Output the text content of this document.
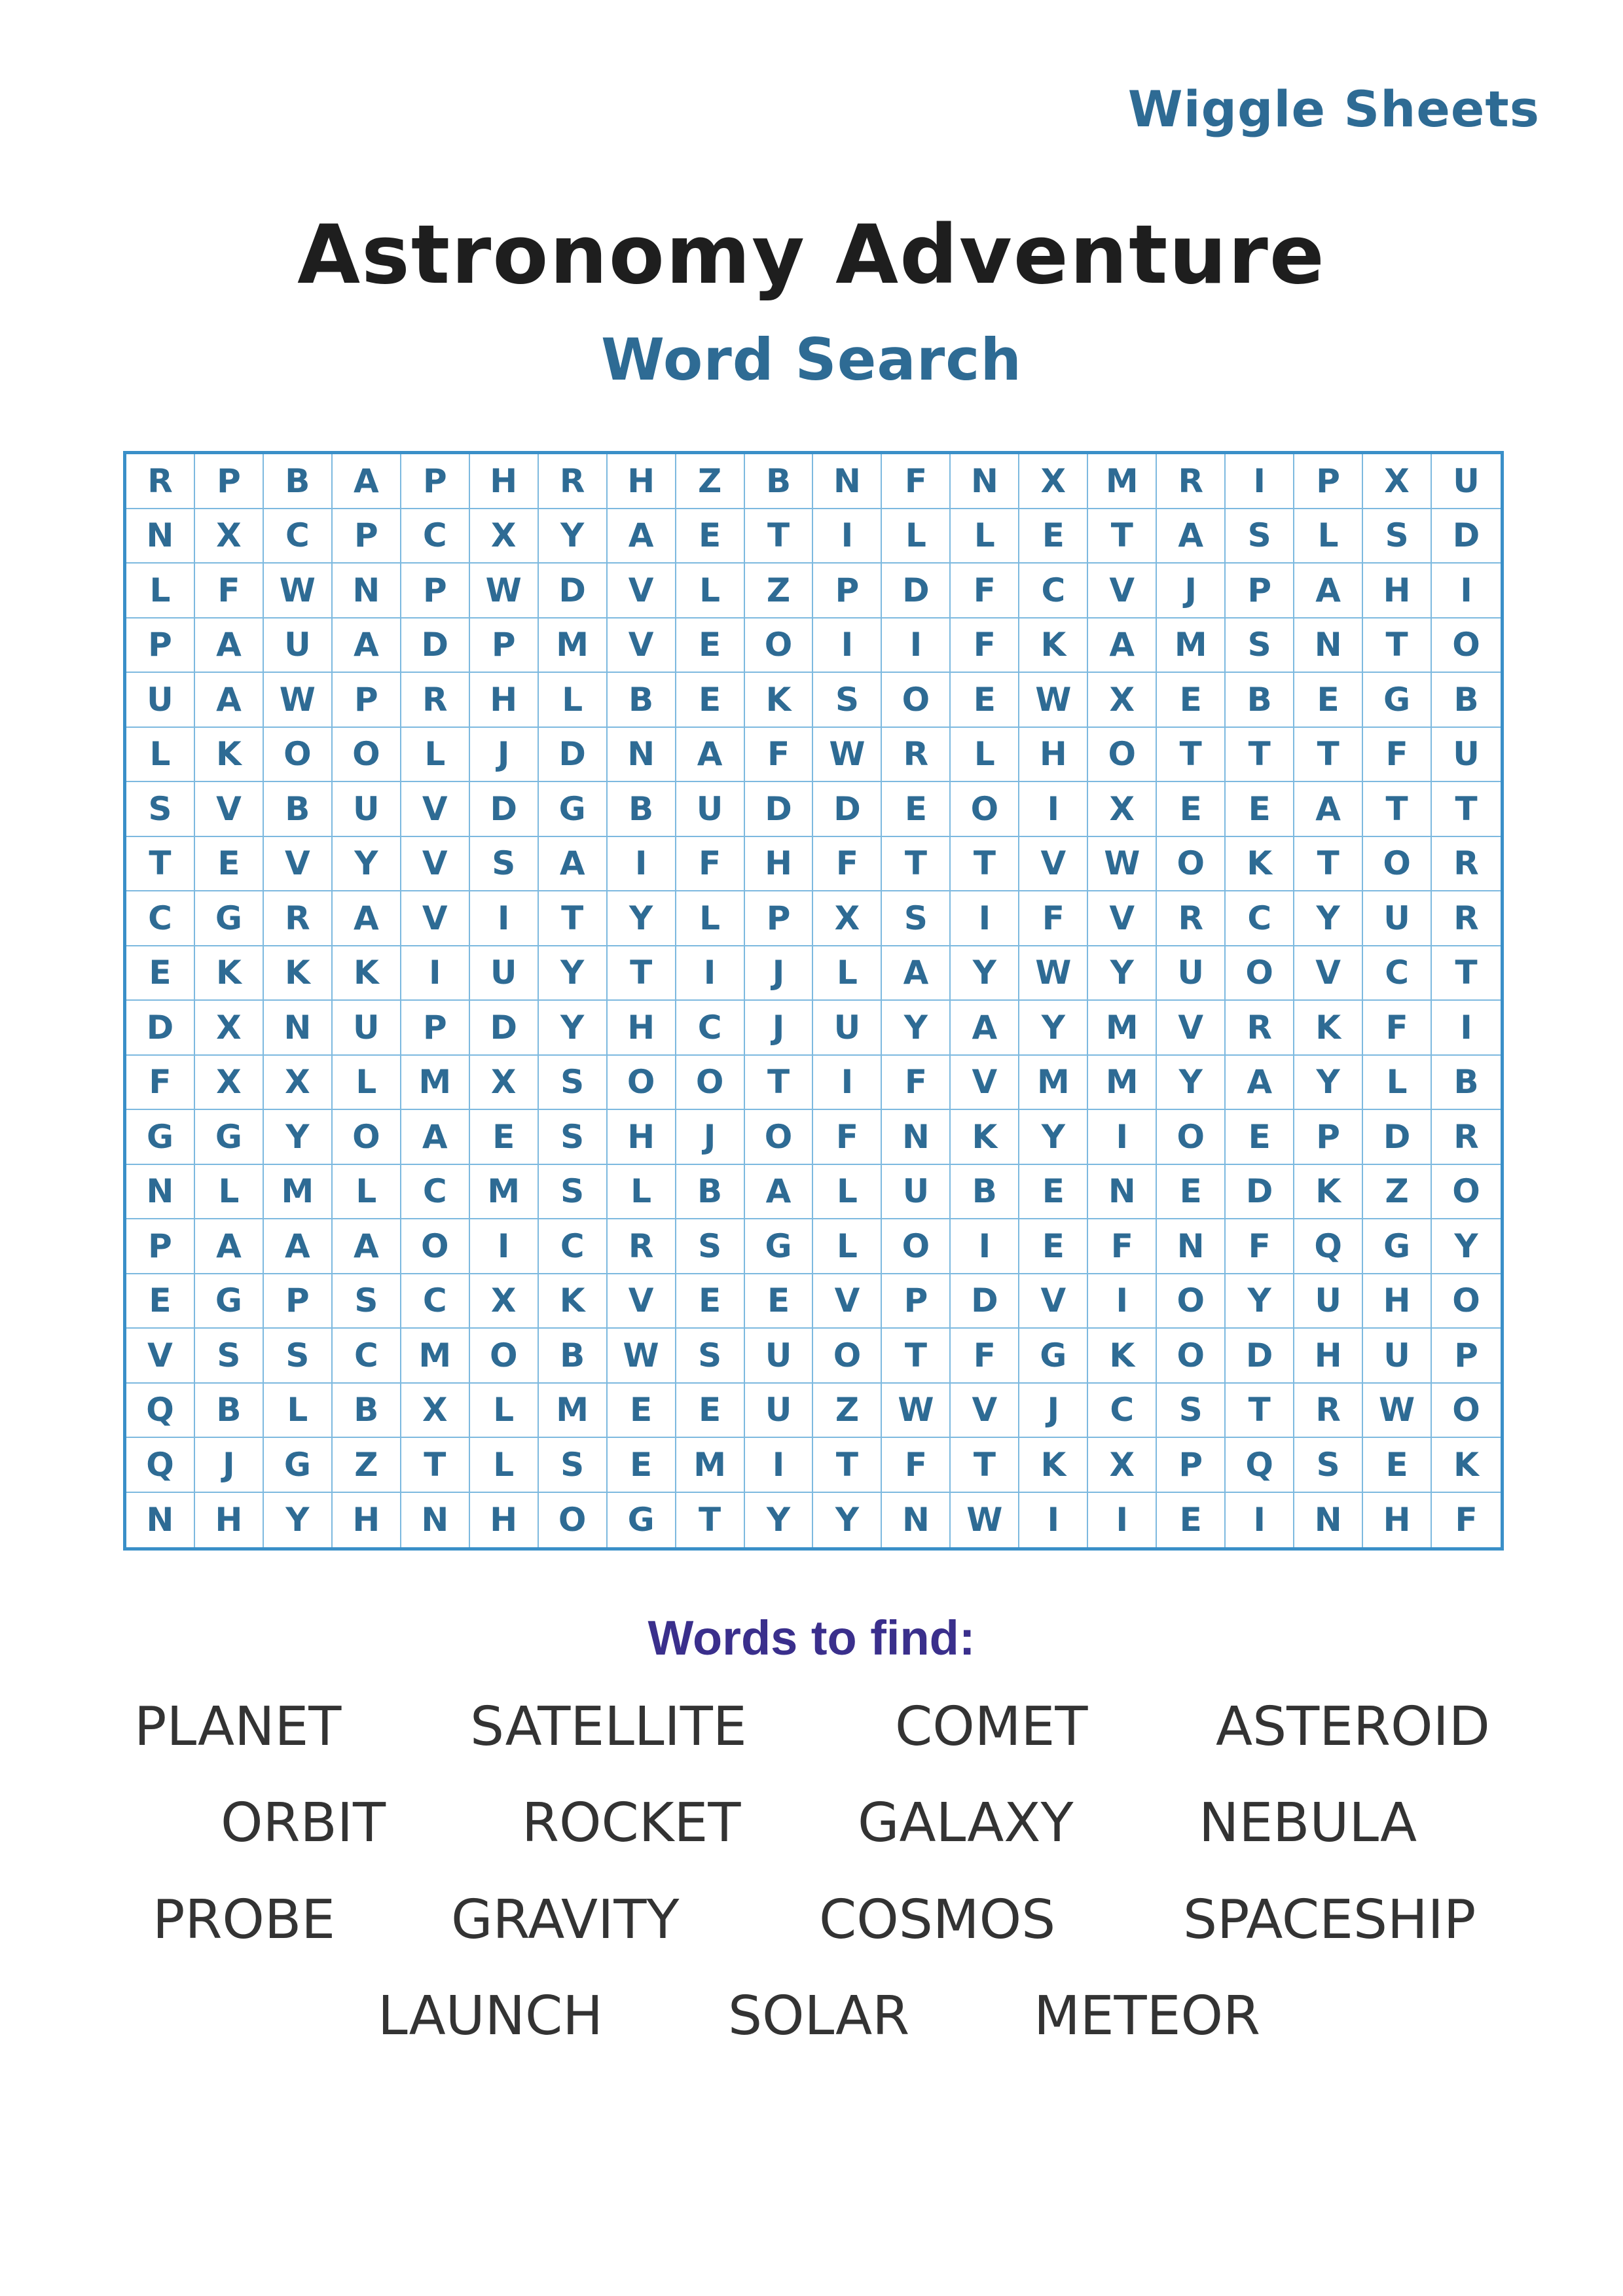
Wiggle Sheets
Astronomy Adventure
Word Search
R	P	B	A	P	H	R	H	Z	B	N	F	N	X	M	R	I	P	X	U
N	X	C	P	C	X	Y	A	E	T	I	L	L	E	T	A	S	L	S	D
L	F	W	N	P	W	D	V	L	Z	P	D	F	C	V	J	P	A	H	I
P	A	U	A	D	P	M	V	E	O	I	I	F	K	A	M	S	N	T	O
U	A	W	P	R	H	L	B	E	K	S	O	E	W	X	E	B	E	G	B
L	K	O	O	L	J	D	N	A	F	W	R	L	H	O	T	T	T	F	U
S	V	B	U	V	D	G	B	U	D	D	E	O	I	X	E	E	A	T	T
T	E	V	Y	V	S	A	I	F	H	F	T	T	V	W	O	K	T	O	R
C	G	R	A	V	I	T	Y	L	P	X	S	I	F	V	R	C	Y	U	R
E	K	K	K	I	U	Y	T	I	J	L	A	Y	W	Y	U	O	V	C	T
D	X	N	U	P	D	Y	H	C	J	U	Y	A	Y	M	V	R	K	F	I
F	X	X	L	M	X	S	O	O	T	I	F	V	M	M	Y	A	Y	L	B
G	G	Y	O	A	E	S	H	J	O	F	N	K	Y	I	O	E	P	D	R
N	L	M	L	C	M	S	L	B	A	L	U	B	E	N	E	D	K	Z	O
P	A	A	A	O	I	C	R	S	G	L	O	I	E	F	N	F	Q	G	Y
E	G	P	S	C	X	K	V	E	E	V	P	D	V	I	O	Y	U	H	O
V	S	S	C	M	O	B	W	S	U	O	T	F	G	K	O	D	H	U	P
Q	B	L	B	X	L	M	E	E	U	Z	W	V	J	C	S	T	R	W	O
Q	J	G	Z	T	L	S	E	M	I	T	F	T	K	X	P	Q	S	E	K
N	H	Y	H	N	H	O	G	T	Y	Y	N	W	I	I	E	I	N	H	F
Words to find:
PLANET SATELLITE	COMET ASTEROID
ORBIT	ROCKET GALAXY NEBULA
PROBE GRAVITY	COSMOS SPACESHIP
LAUNCH SOLAR METEOR
